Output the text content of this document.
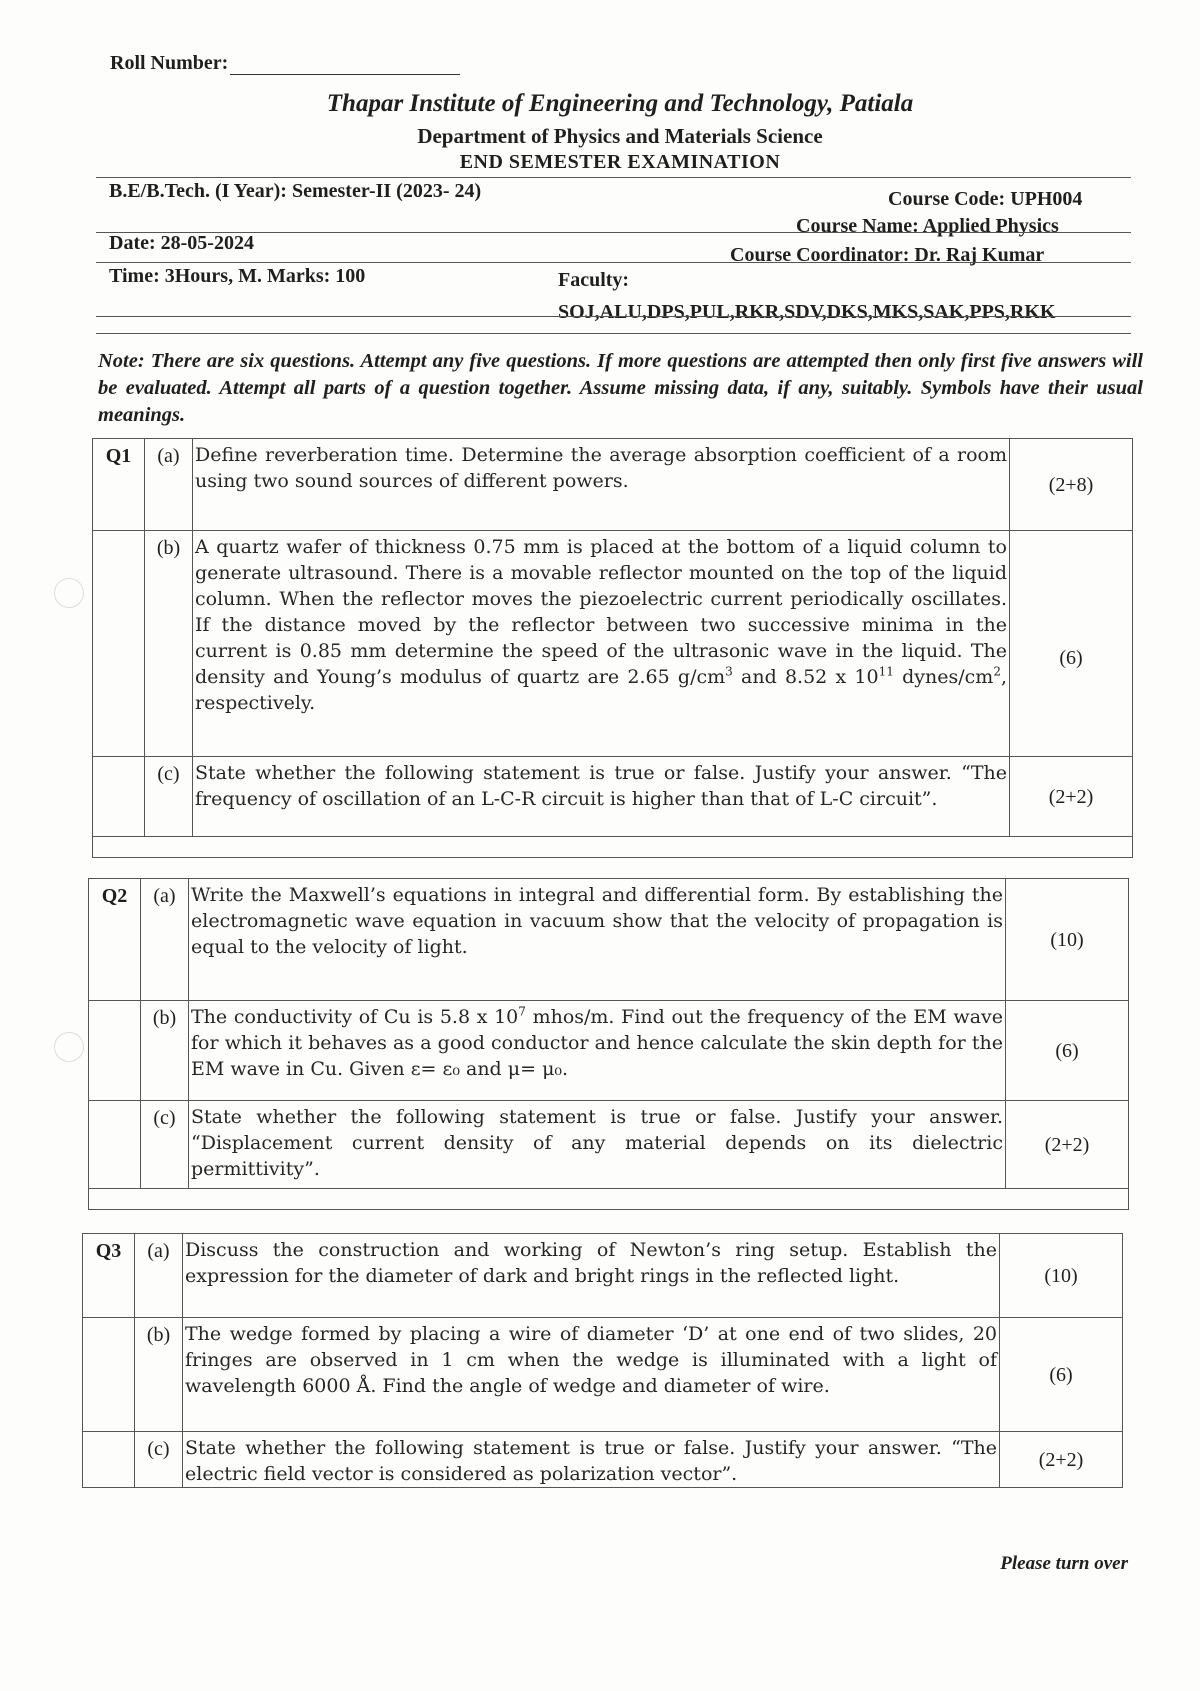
Roll Number:
Thapar Institute of Engineering and Technology, Patiala
Department of Physics and Materials Science
END SEMESTER EXAMINATION
B.E/B.Tech. (I Year): Semester-II (2023- 24)	Course Code: UPH004
Course Name: Applied Physics
Date: 28-05-2024
Course Coordinator: Dr. Raj Kumar
Time: 3Hours, M. Marks: 100	Faculty:
SOJ,ALU,DPS,PUL,RKR,SDV,DKS,MKS,SAK,PPS,RKK
Note: There are six questions. Attempt any five questions. If more questions are attempted then only first five answers will be evaluated. Attempt all parts of a question together. Assume missing data, if any, suitably. Symbols have their usual meanings.
Q1	(a)	Define reverberation time. Determine the average absorption coefficient of a room using two sound sources of different powers.	(2+8)
	(b)	A quartz wafer of thickness 0.75 mm is placed at the bottom of a liquid column to generate ultrasound. There is a movable reflector mounted on the top of the liquid column. When the reflector moves the piezoelectric current periodically oscillates. If the distance moved by the reflector between two successive minima in the current is 0.85 mm determine the speed of the ultrasonic wave in the liquid. The density and Young’s modulus of quartz are 2.65 $g/cm^3$ and 8.52 x $10^{11}$ dynes/$cm^2$, respectively.	(6)
	(c)	State whether the following statement is true or false. Justify your answer. “The frequency of oscillation of an L-C-R circuit is higher than that of L-C circuit”.	(2+2)

Q2	(a)	Write the Maxwell’s equations in integral and differential form. By establishing the electromagnetic wave equation in vacuum show that the velocity of propagation is equal to the velocity of light.	(10)
	(b)	The conductivity of Cu is 5.8 x $10^7$ mhos/m. Find out the frequency of the EM wave for which it behaves as a good conductor and hence calculate the skin depth for the EM wave in Cu. Given ε= ε₀ and μ= μ₀.	(6)
	(c)	State whether the following statement is true or false. Justify your answer. “Displacement current density of any material depends on its dielectric permittivity”.	(2+2)

Q3	(a)	Discuss the construction and working of Newton’s ring setup. Establish the expression for the diameter of dark and bright rings in the reflected light.	(10)
	(b)	The wedge formed by placing a wire of diameter ‘D’ at one end of two slides, 20 fringes are observed in 1 cm when the wedge is illuminated with a light of wavelength 6000 Å. Find the angle of wedge and diameter of wire.	(6)
	(c)	State whether the following statement is true or false. Justify your answer. “The electric field vector is considered as polarization vector”.	(2+2)
Please turn over
